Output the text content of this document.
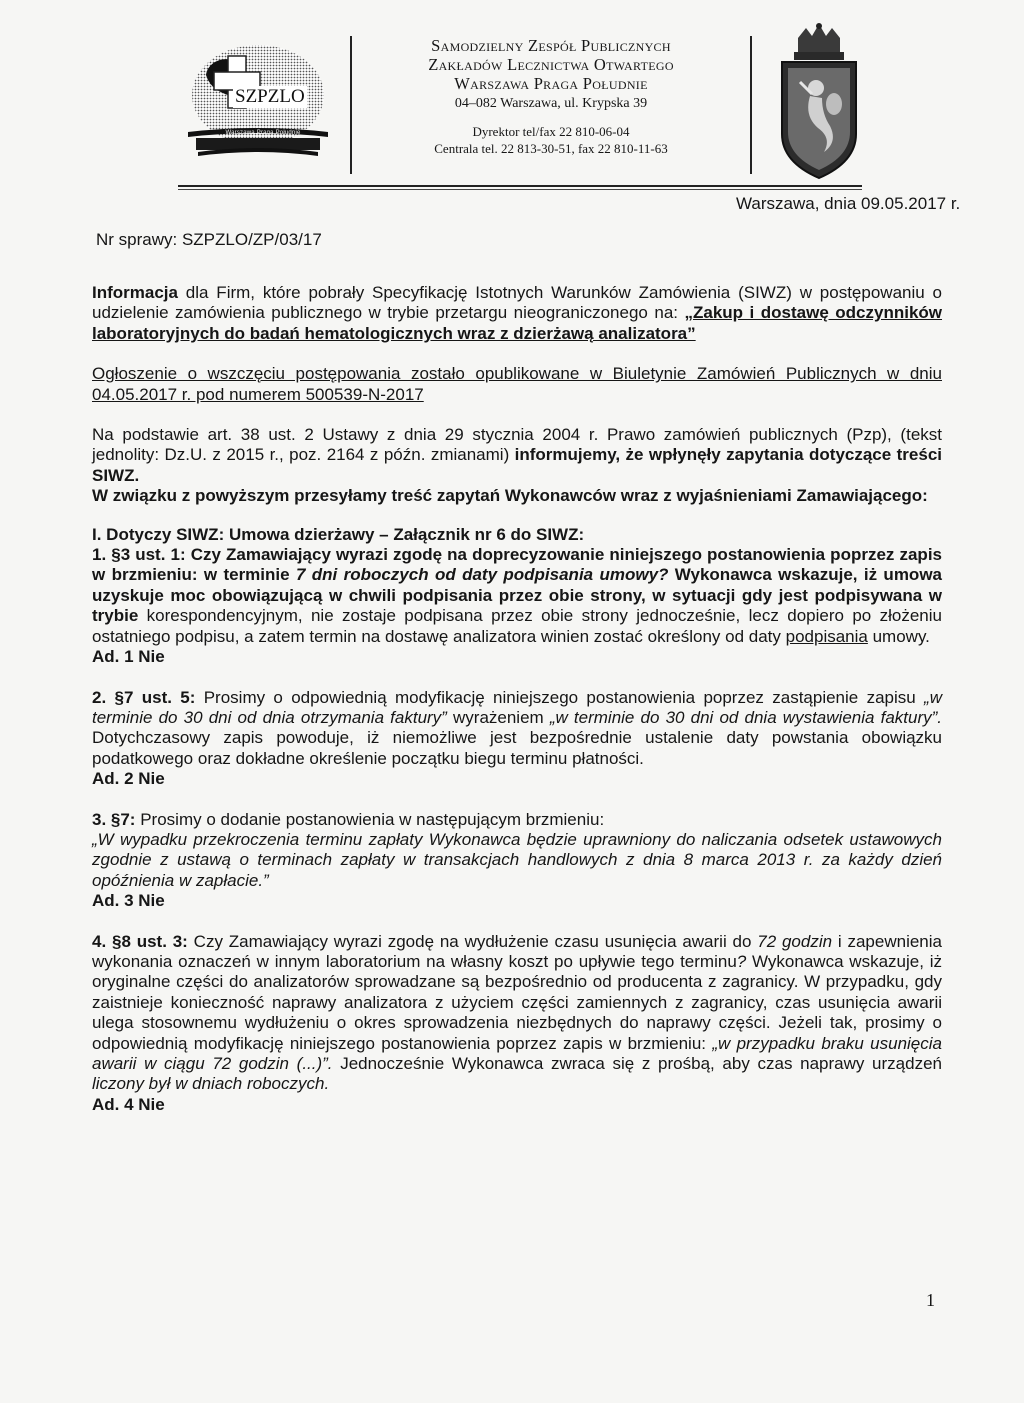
SZPZLO
Warszawa Praga Południe
Samodzielny Zespół Publicznych
Zakładów Lecznictwa Otwartego
Warszawa Praga Południe
04–082 Warszawa, ul. Krypska 39
Dyrektor tel/fax 22 810-06-04
Centrala tel. 22 813-30-51, fax 22 810-11-63
Warszawa, dnia 09.05.2017 r.
Nr sprawy: SZPZLO/ZP/03/17

Informacja dla Firm, które pobrały Specyfikację Istotnych Warunków Zamówienia (SIWZ) w postępowaniu o udzielenie zamówienia publicznego w trybie przetargu nieograniczonego na: „Zakup i dostawę odczynników laboratoryjnych do badań hematologicznych wraz z dzierżawą analizatora”

Ogłoszenie o wszczęciu postępowania zostało opublikowane w Biuletynie Zamówień Publicznych w dniu 04.05.2017 r. pod numerem 500539-N-2017

Na podstawie art. 38 ust. 2 Ustawy z dnia 29 stycznia 2004 r. Prawo zamówień publicznych (Pzp), (tekst jednolity: Dz.U. z 2015 r., poz. 2164 z późn. zmianami) informujemy, że wpłynęły zapytania dotyczące treści SIWZ.

W związku z powyższym przesyłamy treść zapytań Wykonawców wraz z wyjaśnieniami Zamawiającego:

I. Dotyczy SIWZ: Umowa dzierżawy – Załącznik nr 6 do SIWZ:

1. §3 ust. 1: Czy Zamawiający wyrazi zgodę na doprecyzowanie niniejszego postanowienia poprzez zapis w brzmieniu: w terminie 7 dni roboczych od daty podpisania umowy? Wykonawca wskazuje, iż umowa uzyskuje moc obowiązującą w chwili podpisania przez obie strony, w sytuacji gdy jest podpisywana w trybie korespondencyjnym, nie zostaje podpisana przez obie strony jednocześnie, lecz dopiero po złożeniu ostatniego podpisu, a zatem termin na dostawę analizatora winien zostać określony od daty podpisania umowy.

Ad. 1 Nie

2. §7 ust. 5: Prosimy o odpowiednią modyfikację niniejszego postanowienia poprzez zastąpienie zapisu „w terminie do 30 dni od dnia otrzymania faktury” wyrażeniem „w terminie do 30 dni od dnia wystawienia faktury”. Dotychczasowy zapis powoduje, iż niemożliwe jest bezpośrednie ustalenie daty powstania obowiązku podatkowego oraz dokładne określenie początku biegu terminu płatności.

Ad. 2 Nie

3. §7: Prosimy o dodanie postanowienia w następującym brzmieniu:

„W wypadku przekroczenia terminu zapłaty Wykonawca będzie uprawniony do naliczania odsetek ustawowych zgodnie z ustawą o terminach zapłaty w transakcjach handlowych z dnia 8 marca 2013 r. za każdy dzień opóźnienia w zapłacie.”

Ad. 3 Nie

4. §8 ust. 3: Czy Zamawiający wyrazi zgodę na wydłużenie czasu usunięcia awarii do 72 godzin i zapewnienia wykonania oznaczeń w innym laboratorium na własny koszt po upływie tego terminu? Wykonawca wskazuje, iż oryginalne części do analizatorów sprowadzane są bezpośrednio od producenta z zagranicy. W przypadku, gdy zaistnieje konieczność naprawy analizatora z użyciem części zamiennych z zagranicy, czas usunięcia awarii ulega stosownemu wydłużeniu o okres sprowadzenia niezbędnych do naprawy części. Jeżeli tak, prosimy o odpowiednią modyfikację niniejszego postanowienia poprzez zapis w brzmieniu: „w przypadku braku usunięcia awarii w ciągu 72 godzin (...)”. Jednocześnie Wykonawca zwraca się z prośbą, aby czas naprawy urządzeń liczony był w dniach roboczych.

Ad. 4 Nie

1
